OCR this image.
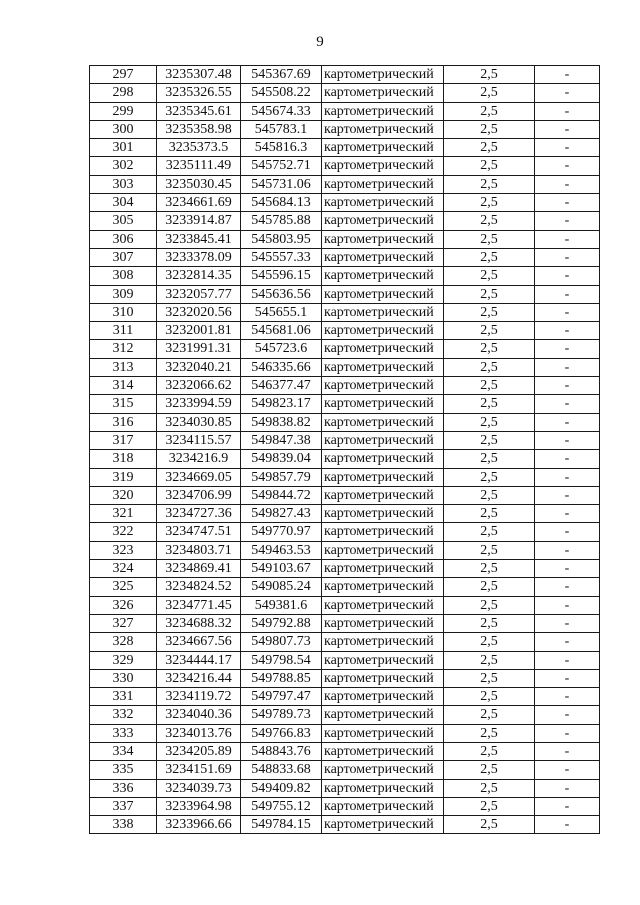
9
297	3235307.48	545367.69	картометрический	2,5	-
298	3235326.55	545508.22	картометрический	2,5	-
299	3235345.61	545674.33	картометрический	2,5	-
300	3235358.98	545783.1	картометрический	2,5	-
301	3235373.5	545816.3	картометрический	2,5	-
302	3235111.49	545752.71	картометрический	2,5	-
303	3235030.45	545731.06	картометрический	2,5	-
304	3234661.69	545684.13	картометрический	2,5	-
305	3233914.87	545785.88	картометрический	2,5	-
306	3233845.41	545803.95	картометрический	2,5	-
307	3233378.09	545557.33	картометрический	2,5	-
308	3232814.35	545596.15	картометрический	2,5	-
309	3232057.77	545636.56	картометрический	2,5	-
310	3232020.56	545655.1	картометрический	2,5	-
311	3232001.81	545681.06	картометрический	2,5	-
312	3231991.31	545723.6	картометрический	2,5	-
313	3232040.21	546335.66	картометрический	2,5	-
314	3232066.62	546377.47	картометрический	2,5	-
315	3233994.59	549823.17	картометрический	2,5	-
316	3234030.85	549838.82	картометрический	2,5	-
317	3234115.57	549847.38	картометрический	2,5	-
318	3234216.9	549839.04	картометрический	2,5	-
319	3234669.05	549857.79	картометрический	2,5	-
320	3234706.99	549844.72	картометрический	2,5	-
321	3234727.36	549827.43	картометрический	2,5	-
322	3234747.51	549770.97	картометрический	2,5	-
323	3234803.71	549463.53	картометрический	2,5	-
324	3234869.41	549103.67	картометрический	2,5	-
325	3234824.52	549085.24	картометрический	2,5	-
326	3234771.45	549381.6	картометрический	2,5	-
327	3234688.32	549792.88	картометрический	2,5	-
328	3234667.56	549807.73	картометрический	2,5	-
329	3234444.17	549798.54	картометрический	2,5	-
330	3234216.44	549788.85	картометрический	2,5	-
331	3234119.72	549797.47	картометрический	2,5	-
332	3234040.36	549789.73	картометрический	2,5	-
333	3234013.76	549766.83	картометрический	2,5	-
334	3234205.89	548843.76	картометрический	2,5	-
335	3234151.69	548833.68	картометрический	2,5	-
336	3234039.73	549409.82	картометрический	2,5	-
337	3233964.98	549755.12	картометрический	2,5	-
338	3233966.66	549784.15	картометрический	2,5	-
